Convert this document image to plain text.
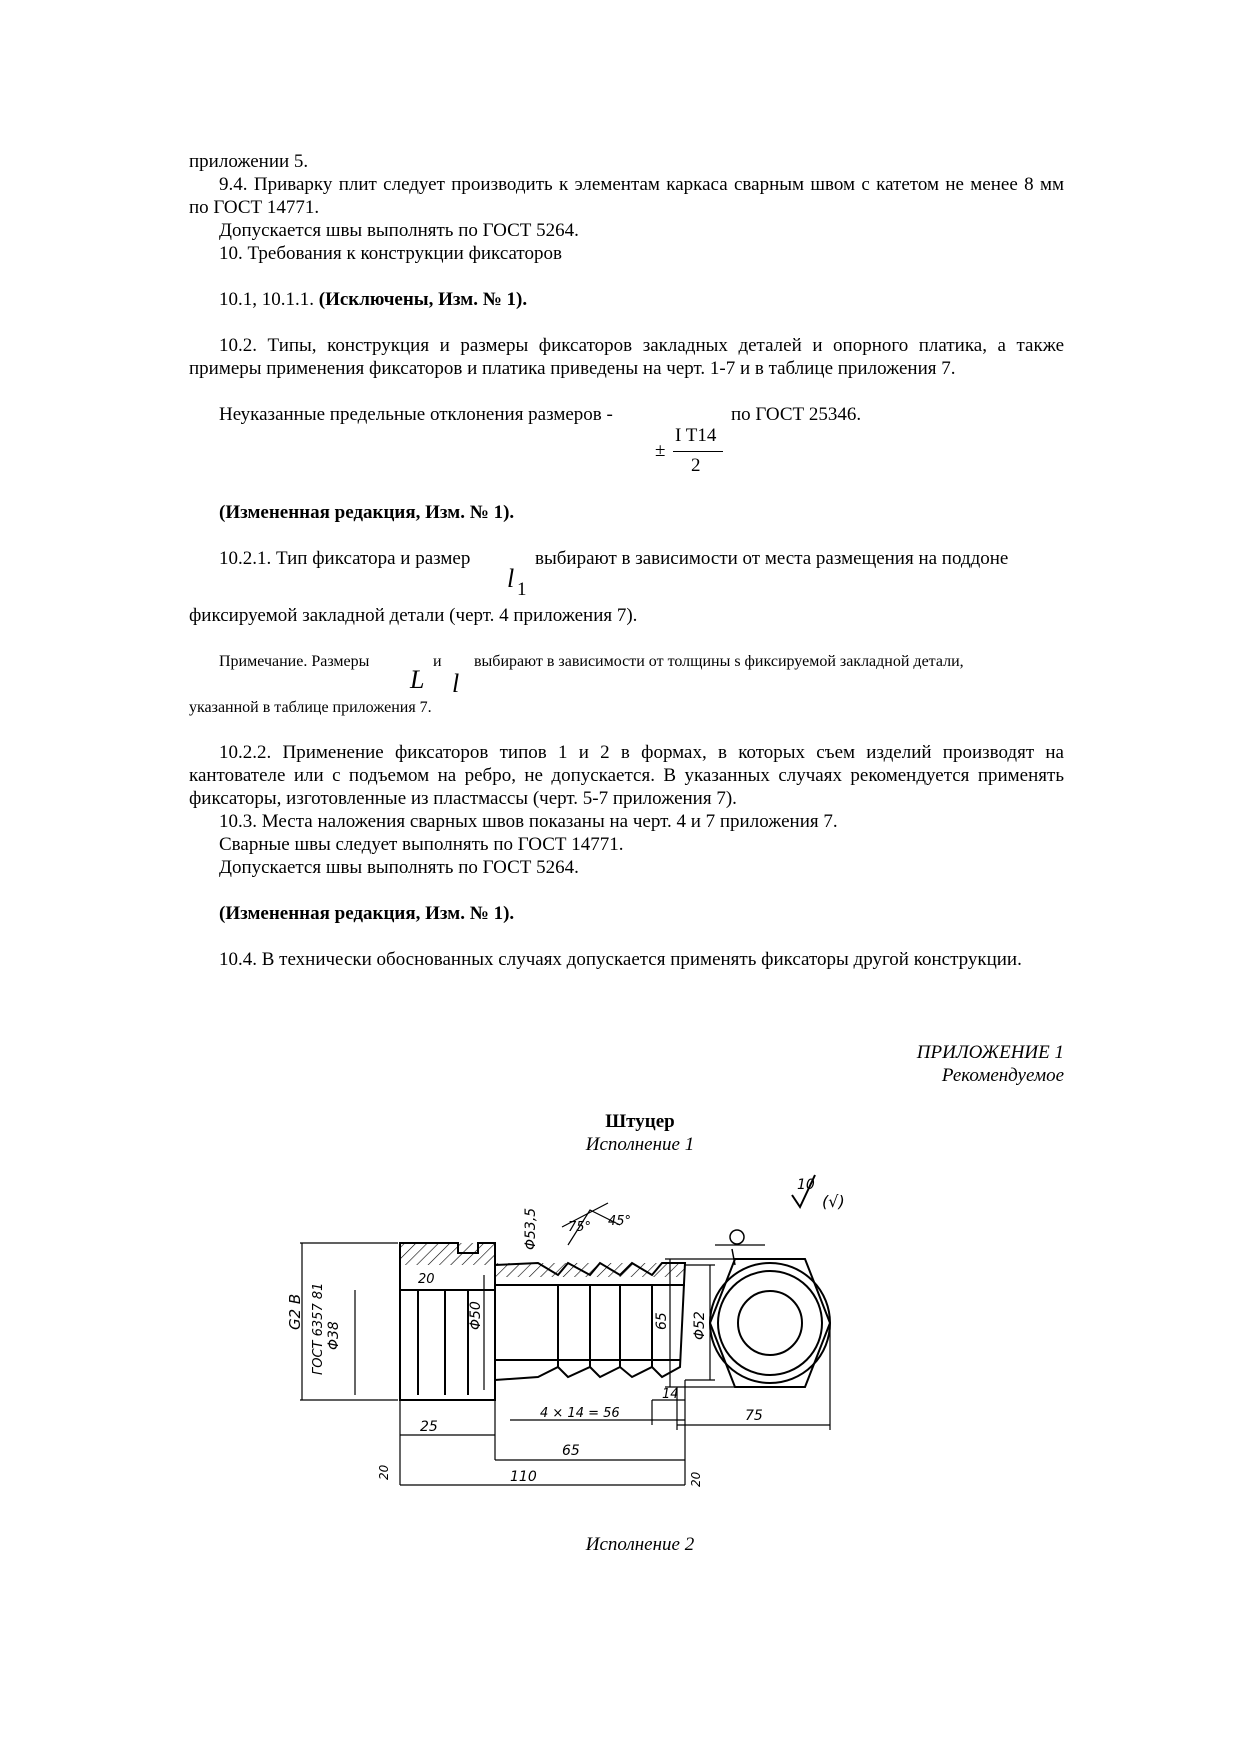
приложении 5.
9.4. Приварку плит следует производить к элементам каркаса сварным швом с катетом не менее 8 мм по ГОСТ 14771.
Допускается швы выполнять по ГОСТ 5264.
10. Требования к конструкции фиксаторов
10.1, 10.1.1. (Исключены, Изм. № 1).
10.2. Типы, конструкция и размеры фиксаторов закладных деталей и опорного платика, а также примеры применения фиксаторов и платика приведены на черт. 1-7 и в таблице приложения 7.
Неуказанные предельные отклонения размеров -	по ГОСТ 25346.
±
I T14
2
(Измененная редакция, Изм. № 1).
10.2.1. Тип фиксатора и размер	выбирают в зависимости от места размещения на поддоне
l 1
фиксируемой закладной детали (черт. 4 приложения 7).
Примечание. Размеры	и выбирают в зависимости от толщины s фиксируемой закладной детали,
L l
указанной в таблице приложения 7.
10.2.2. Применение фиксаторов типов 1 и 2 в формах, в которых съем изделий производят на кантователе или с подъемом на ребро, не допускается. В указанных случаях рекомендуется применять фиксаторы, изготовленные из пластмассы (черт. 5-7 приложения 7).
10.3. Места наложения сварных швов показаны на черт. 4 и 7 приложения 7.
Сварные швы следует выполнять по ГОСТ 14771.
Допускается швы выполнять по ГОСТ 5264.
(Измененная редакция, Изм. № 1).
10.4. В технически обоснованных случаях допускается применять фиксаторы другой конструкции.
ПРИЛОЖЕНИЕ 1
Рекомендуемое
Штуцер
Исполнение 1
10
(√)
G2 B ГОСТ 6357 81 Φ38
20
Φ50
Φ53,5 75° 45°
Φ52
65
75
14
4 × 14 = 56
25
65
110
20	20
Исполнение 2
